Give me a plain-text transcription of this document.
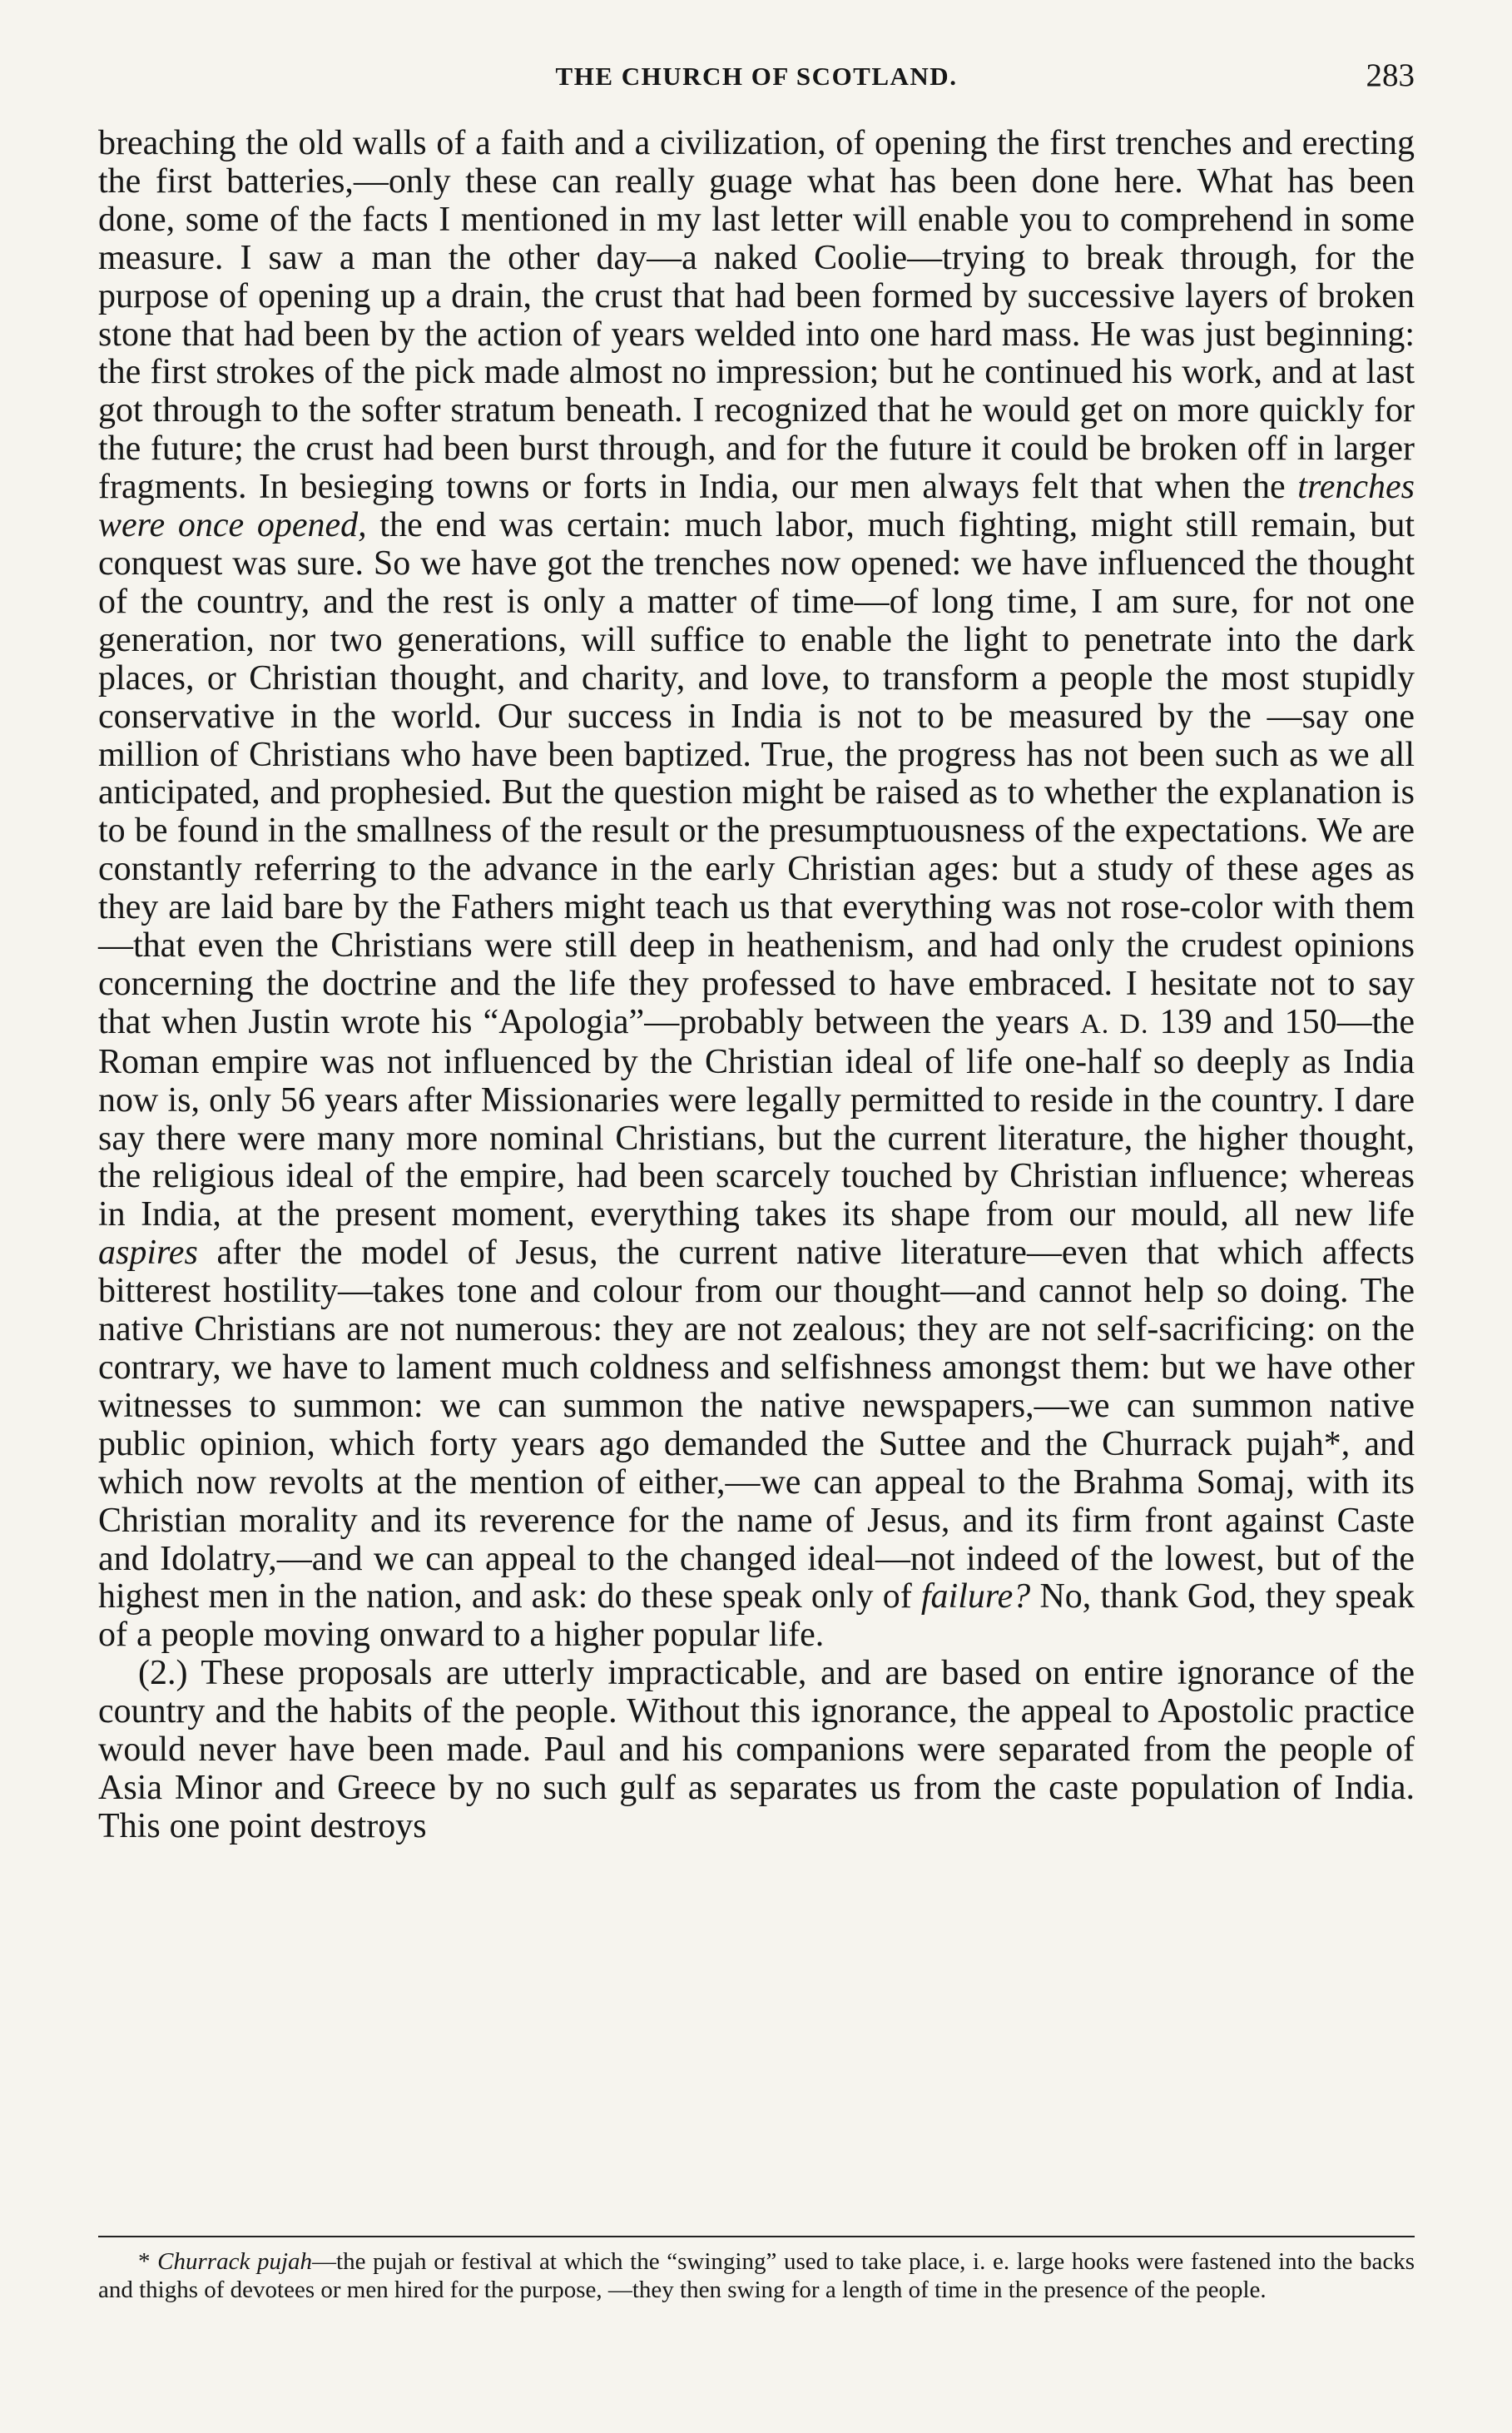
THE CHURCH OF SCOTLAND.	283

breaching the old walls of a faith and a civilization, of opening the first trenches and erecting the first batteries,—only these can really guage what has been done here. What has been done, some of the facts I mentioned in my last letter will enable you to comprehend in some measure. I saw a man the other day—a naked Coolie—trying to break through, for the purpose of opening up a drain, the crust that had been formed by successive layers of broken stone that had been by the action of years welded into one hard mass. He was just beginning: the first strokes of the pick made almost no impression; but he continued his work, and at last got through to the softer stratum beneath. I recognized that he would get on more quickly for the future; the crust had been burst through, and for the future it could be broken off in larger fragments. In besieging towns or forts in India, our men always felt that when the trenches were once opened, the end was certain: much labor, much fighting, might still remain, but conquest was sure. So we have got the trenches now opened: we have influenced the thought of the country, and the rest is only a matter of time—of long time, I am sure, for not one generation, nor two generations, will suffice to enable the light to penetrate into the dark places, or Christian thought, and charity, and love, to transform a people the most stupidly conservative in the world. Our success in India is not to be measured by the —say one million of Christians who have been baptized. True, the progress has not been such as we all anticipated, and prophesied. But the question might be raised as to whether the explanation is to be found in the smallness of the result or the presumptuousness of the expectations. We are constantly referring to the advance in the early Christian ages: but a study of these ages as they are laid bare by the Fathers might teach us that everything was not rose-color with them—that even the Christians were still deep in heathenism, and had only the crudest opinions concerning the doctrine and the life they professed to have embraced. I hesitate not to say that when Justin wrote his “Apologia”—probably between the years A. D. 139 and 150—the Roman empire was not influenced by the Christian ideal of life one-half so deeply as India now is, only 56 years after Missionaries were legally permitted to reside in the country. I dare say there were many more nominal Christians, but the current literature, the higher thought, the religious ideal of the empire, had been scarcely touched by Christian influence; whereas in India, at the present moment, everything takes its shape from our mould, all new life aspires after the model of Jesus, the current native literature—even that which affects bitterest hostility—takes tone and colour from our thought—and cannot help so doing. The native Christians are not numerous: they are not zealous; they are not self-sacrificing: on the contrary, we have to lament much coldness and selfishness amongst them: but we have other witnesses to summon: we can summon the native newspapers,—we can summon native public opinion, which forty years ago demanded the Suttee and the Churrack pujah*, and which now revolts at the mention of either,—we can appeal to the Brahma Somaj, with its Christian morality and its reverence for the name of Jesus, and its firm front against Caste and Idolatry,—and we can appeal to the changed ideal—not indeed of the lowest, but of the highest men in the nation, and ask: do these speak only of failure? No, thank God, they speak of a people moving onward to a higher popular life.

(2.) These proposals are utterly impracticable, and are based on entire ignorance of the country and the habits of the people. Without this ignorance, the appeal to Apostolic practice would never have been made. Paul and his companions were separated from the people of Asia Minor and Greece by no such gulf as separates us from the caste population of India. This one point destroys

* Churrack pujah—the pujah or festival at which the “swinging” used to take place, i. e. large hooks were fastened into the backs and thighs of devotees or men hired for the purpose, —they then swing for a length of time in the presence of the people.
